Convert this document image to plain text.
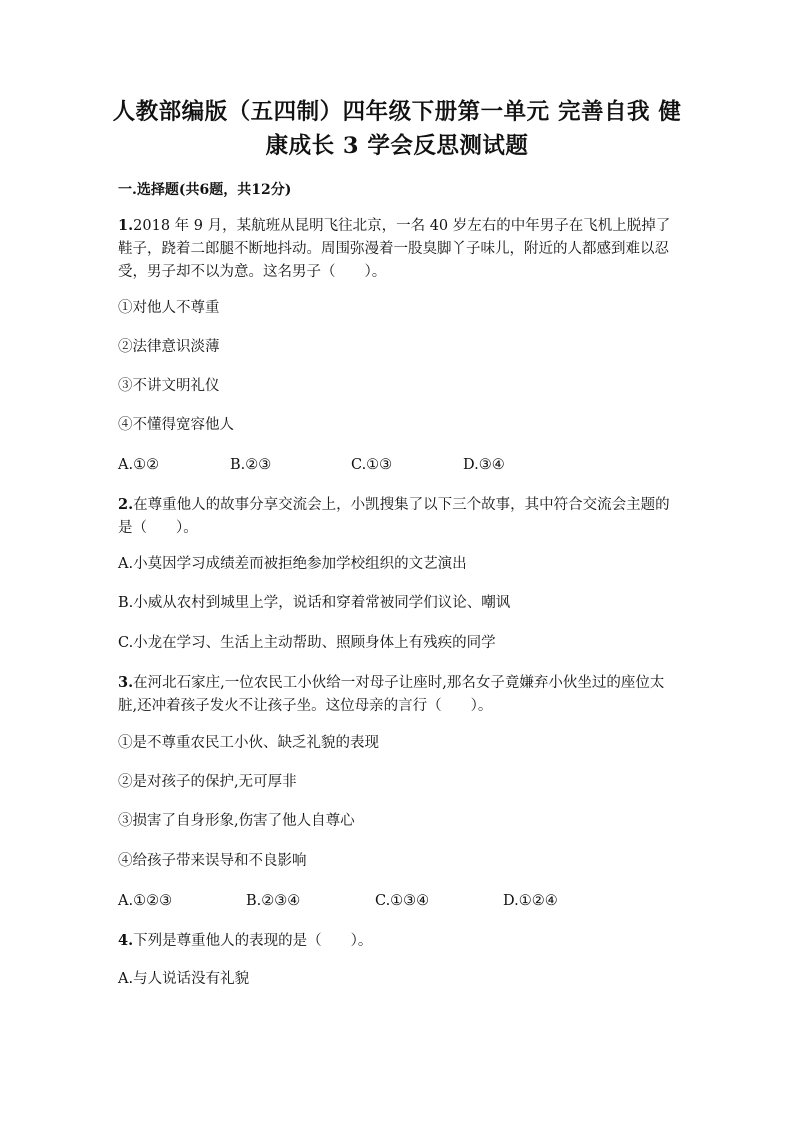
人教部编版（五四制）四年级下册第一单元 完善自我 健康成长 3 学会反思测试题
一.选择题(共6题，共12分)
1.2018 年 9 月，某航班从昆明飞往北京，一名 40 岁左右的中年男子在飞机上脱掉了鞋子，跷着二郎腿不断地抖动。周围弥漫着一股臭脚丫子味儿，附近的人都感到难以忍受，男子却不以为意。这名男子（　　）。
①对他人不尊重
②法律意识淡薄
③不讲文明礼仪
④不懂得宽容他人
A.①②	B.②③	C.①③	D.③④
2.在尊重他人的故事分享交流会上，小凯搜集了以下三个故事，其中符合交流会主题的是（　　）。
A.小莫因学习成绩差而被拒绝参加学校组织的文艺演出
B.小威从农村到城里上学，说话和穿着常被同学们议论、嘲讽
C.小龙在学习、生活上主动帮助、照顾身体上有残疾的同学
3.在河北石家庄,一位农民工小伙给一对母子让座时,那名女子竟嫌弃小伙坐过的座位太脏,还冲着孩子发火不让孩子坐。这位母亲的言行（　　）。
①是不尊重农民工小伙、缺乏礼貌的表现
②是对孩子的保护,无可厚非
③损害了自身形象,伤害了他人自尊心
④给孩子带来误导和不良影响
A.①②③	B.②③④	C.①③④	D.①②④
4.下列是尊重他人的表现的是（　　）。
A.与人说话没有礼貌
